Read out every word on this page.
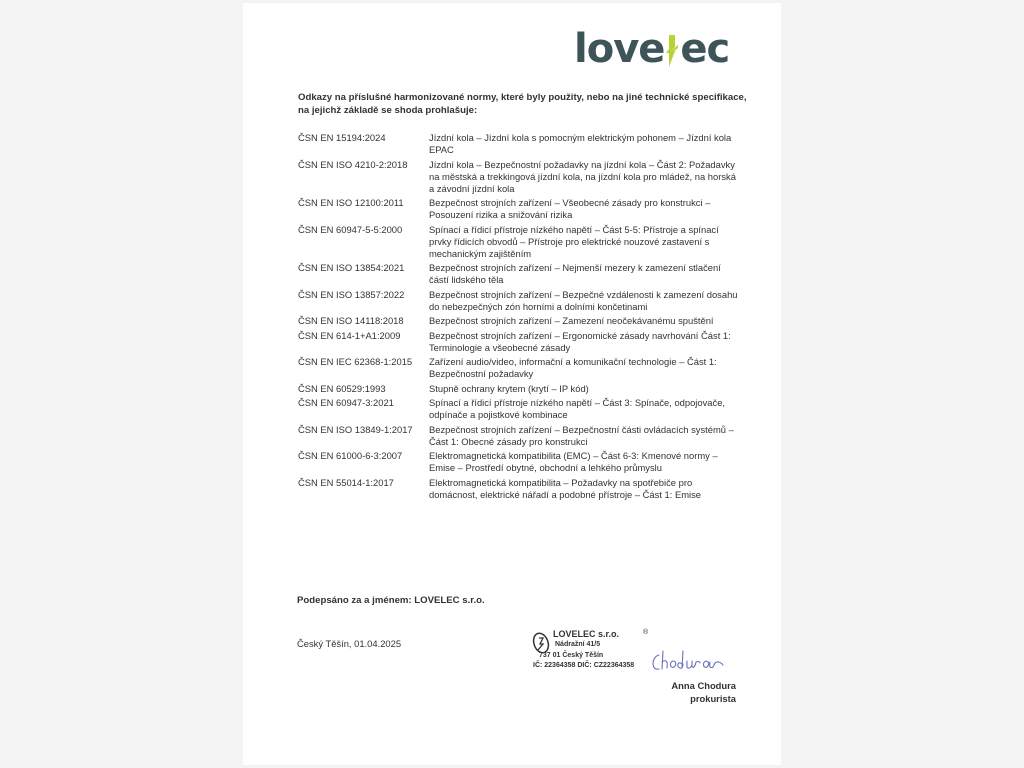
love ec
Odkazy na příslušné harmonizované normy, které byly použity, nebo na jiné technické specifikace, na jejichž základě se shoda prohlašuje:
ČSN EN 15194:2024	Jízdní kola – Jízdní kola s pomocným elektrickým pohonem – Jízdní kola EPAC
ČSN EN ISO 4210-2:2018	Jízdní kola – Bezpečnostní požadavky na jízdní kola – Část 2: Požadavky na městská a trekkingová jízdní kola, na jízdní kola pro mládež, na horská a závodní jízdní kola
ČSN EN ISO 12100:2011	Bezpečnost strojních zařízení – Všeobecné zásady pro konstrukci – Posouzení rizika a snižování rizika
ČSN EN 60947-5-5:2000	Spínací a řídicí přístroje nízkého napětí – Část 5-5: Přístroje a spínací prvky řídicích obvodů – Přístroje pro elektrické nouzové zastavení s mechanickým zajištěním
ČSN EN ISO 13854:2021	Bezpečnost strojních zařízení – Nejmenší mezery k zamezení stlačení částí lidského těla
ČSN EN ISO 13857:2022	Bezpečnost strojních zařízení – Bezpečné vzdálenosti k zamezení dosahu do nebezpečných zón horními a dolními končetinami
ČSN EN ISO 14118:2018	Bezpečnost strojních zařízení – Zamezení neočekávanému spuštění
ČSN EN 614-1+A1:2009	Bezpečnost strojních zařízení – Ergonomické zásady navrhování Část 1: Terminologie a všeobecné zásady
ČSN EN IEC 62368-1:2015	Zařízení audio/video, informační a komunikační technologie – Část 1: Bezpečnostní požadavky
ČSN EN 60529:1993	Stupně ochrany krytem (krytí – IP kód)
ČSN EN 60947-3:2021	Spínací a řídicí přístroje nízkého napětí – Část 3: Spínače, odpojovače, odpínače a pojistkové kombinace
ČSN EN ISO 13849-1:2017	Bezpečnost strojních zařízení – Bezpečnostní části ovládacích systémů – Část 1: Obecné zásady pro konstrukci
ČSN EN 61000-6-3:2007	Elektromagnetická kompatibilita (EMC) – Část 6-3: Kmenové normy – Emise – Prostředí obytné, obchodní a lehkého průmyslu
ČSN EN 55014-1:2017	Elektromagnetická kompatibilita – Požadavky na spotřebiče pro domácnost, elektrické nářadí a podobné přístroje – Část 1: Emise
Podepsáno za a jménem: LOVELEC s.r.o.
Český Těšín, 01.04.2025
LOVELEC s.r.o.	®
Nádražní 41/5
737 01 Český Těšín
IČ: 22364358 DIČ: CZ22364358
Anna Chodura
prokurista
